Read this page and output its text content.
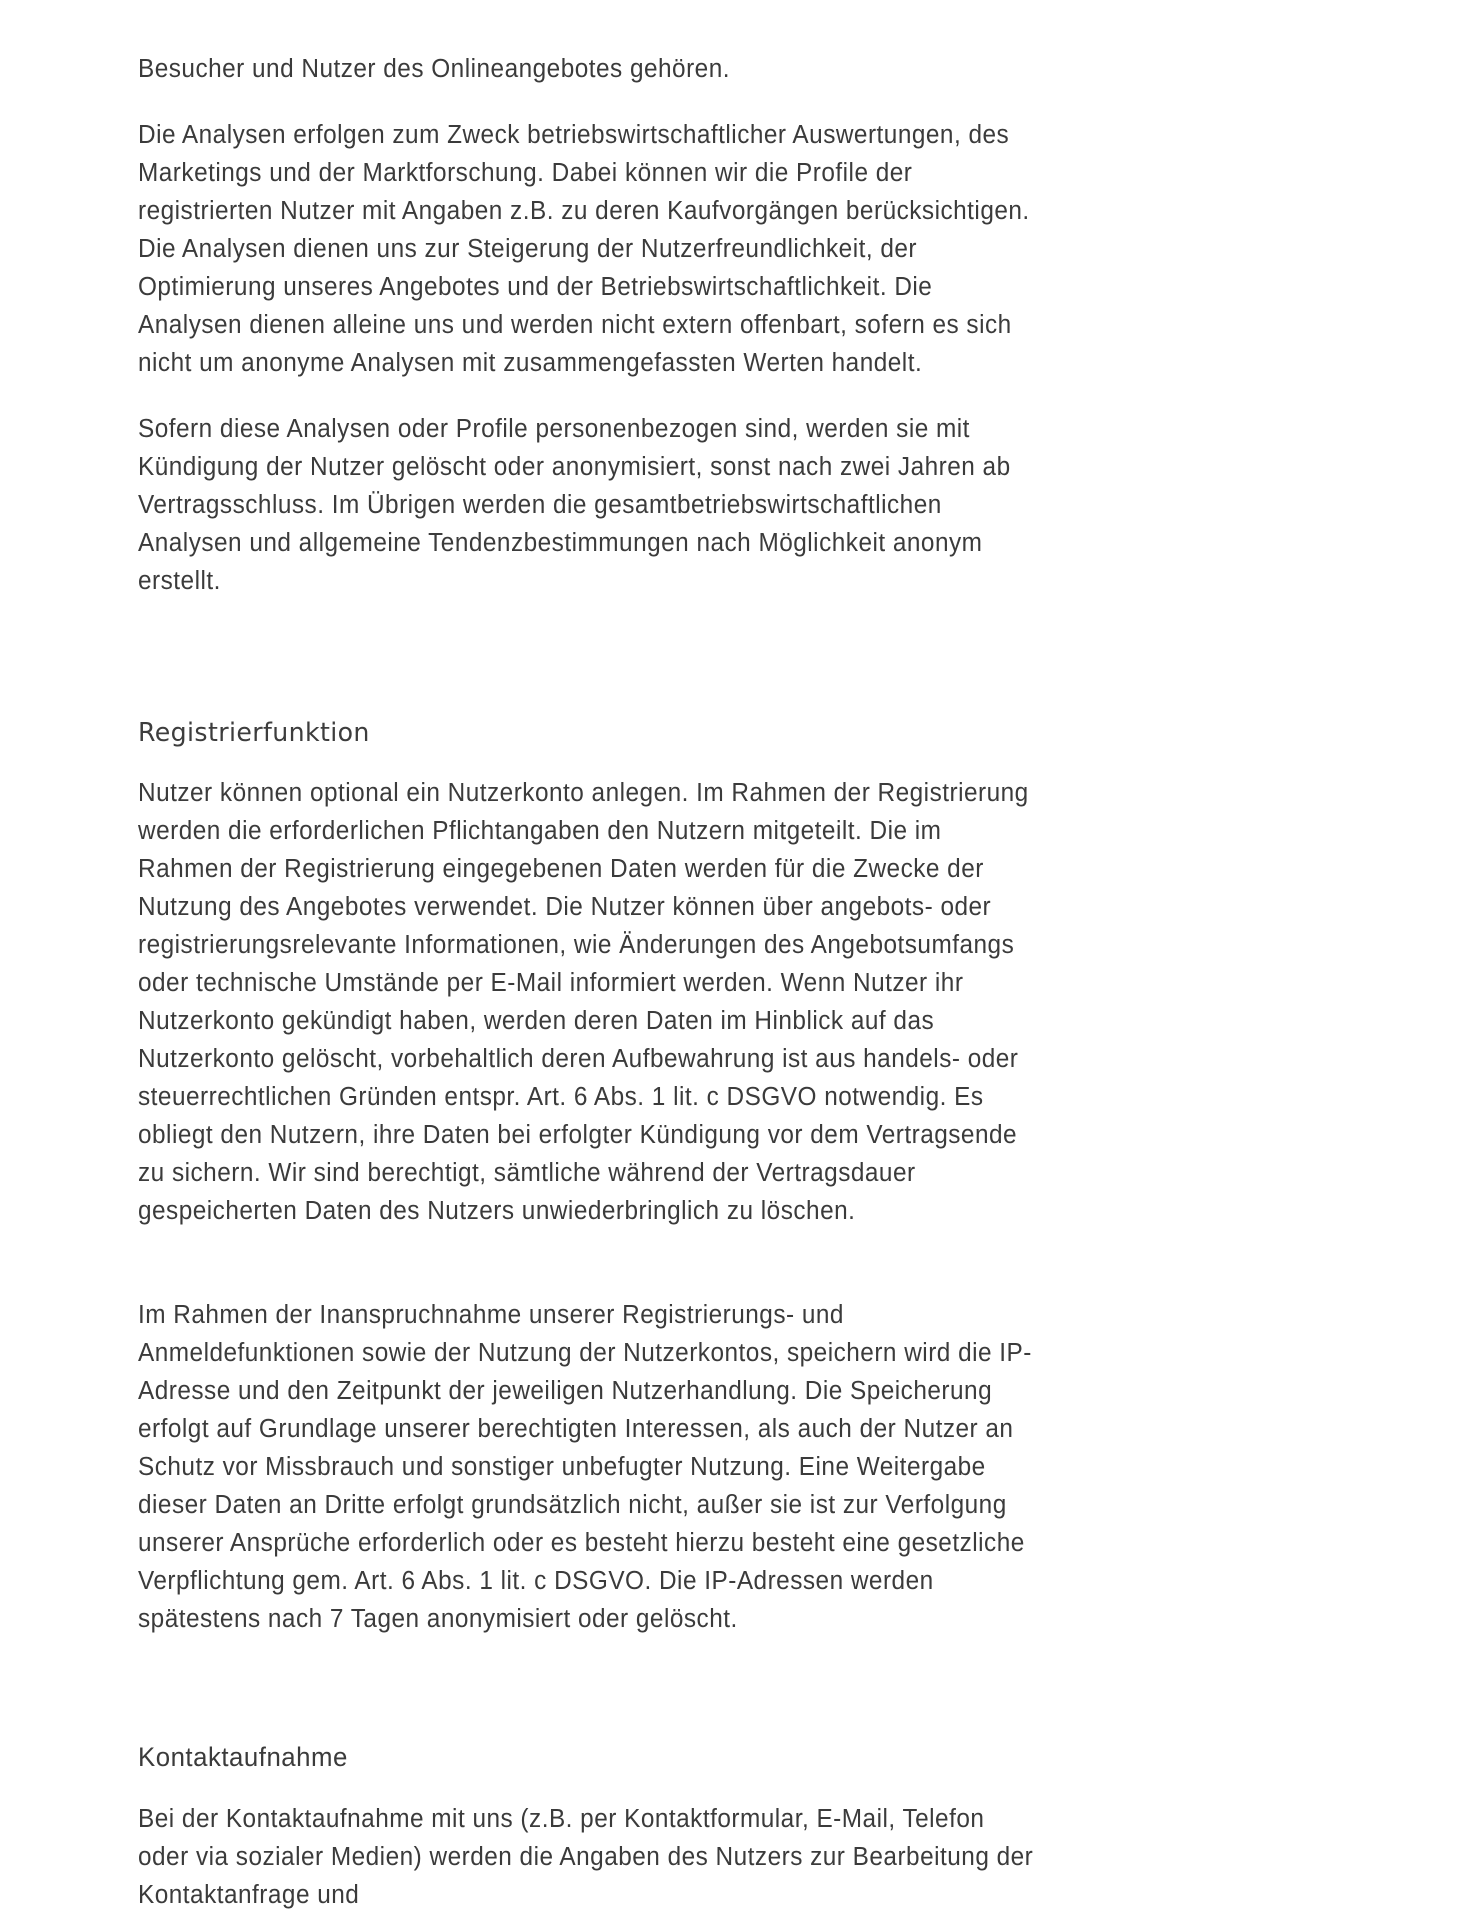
Besucher und Nutzer des Onlineangebotes gehören.

Die Analysen erfolgen zum Zweck betriebswirtschaftlicher Auswertungen, des Marketings und der Marktforschung. Dabei können wir die Profile der registrierten Nutzer mit Angaben z.B. zu deren Kaufvorgängen berücksichtigen. Die Analysen dienen uns zur Steigerung der Nutzerfreundlichkeit, der Optimierung unseres Angebotes und der Betriebswirtschaftlichkeit. Die Analysen dienen alleine uns und werden nicht extern offenbart, sofern es sich nicht um anonyme Analysen mit zusammengefassten Werten handelt.

Sofern diese Analysen oder Profile personenbezogen sind, werden sie mit Kündigung der Nutzer gelöscht oder anonymisiert, sonst nach zwei Jahren ab Vertragsschluss. Im Übrigen werden die gesamtbetriebswirtschaftlichen Analysen und allgemeine Tendenzbestimmungen nach Möglichkeit anonym erstellt.

Registrierfunktion

Nutzer können optional ein Nutzerkonto anlegen. Im Rahmen der Registrierung werden die erforderlichen Pflichtangaben den Nutzern mitgeteilt. Die im Rahmen der Registrierung eingegebenen Daten werden für die Zwecke der Nutzung des Angebotes verwendet. Die Nutzer können über angebots- oder registrierungsrelevante Informationen, wie Änderungen des Angebotsumfangs oder technische Umstände per E-Mail informiert werden. Wenn Nutzer ihr Nutzerkonto gekündigt haben, werden deren Daten im Hinblick auf das Nutzerkonto gelöscht, vorbehaltlich deren Aufbewahrung ist aus handels- oder steuerrechtlichen Gründen entspr. Art. 6 Abs. 1 lit. c DSGVO notwendig. Es obliegt den Nutzern, ihre Daten bei erfolgter Kündigung vor dem Vertragsende zu sichern. Wir sind berechtigt, sämtliche während der Vertragsdauer gespeicherten Daten des Nutzers unwiederbringlich zu löschen.

Im Rahmen der Inanspruchnahme unserer Registrierungs- und Anmeldefunktionen sowie der Nutzung der Nutzerkontos, speichern wird die IP-Adresse und den Zeitpunkt der jeweiligen Nutzerhandlung. Die Speicherung erfolgt auf Grundlage unserer berechtigten Interessen, als auch der Nutzer an Schutz vor Missbrauch und sonstiger unbefugter Nutzung. Eine Weitergabe dieser Daten an Dritte erfolgt grundsätzlich nicht, außer sie ist zur Verfolgung unserer Ansprüche erforderlich oder es besteht hierzu besteht eine gesetzliche Verpflichtung gem. Art. 6 Abs. 1 lit. c DSGVO. Die IP-Adressen werden spätestens nach 7 Tagen anonymisiert oder gelöscht.

Kontaktaufnahme

Bei der Kontaktaufnahme mit uns (z.B. per Kontaktformular, E-Mail, Telefon oder via sozialer Medien) werden die Angaben des Nutzers zur Bearbeitung der Kontaktanfrage und
